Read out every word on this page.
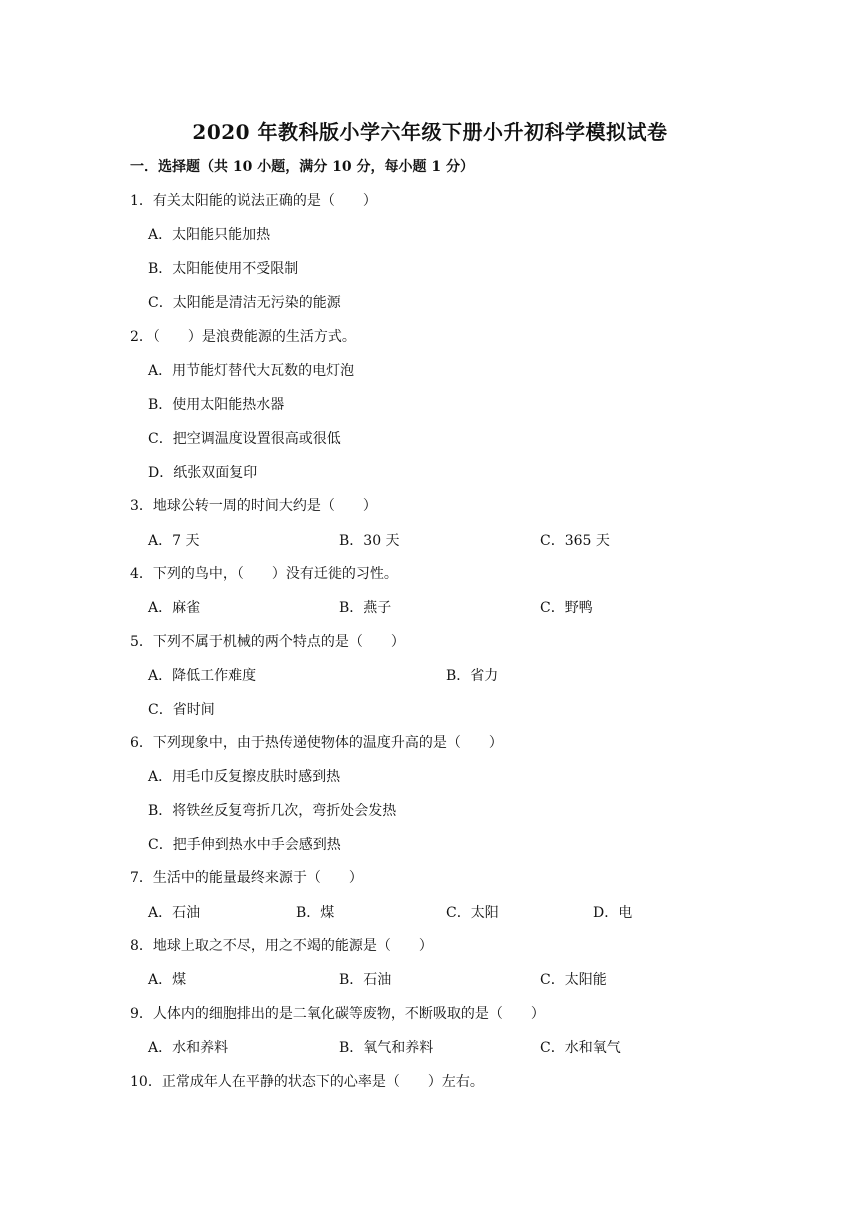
2020 年教科版小学六年级下册小升初科学模拟试卷
一．选择题（共 10 小题，满分 10 分，每小题 1 分）
1．有关太阳能的说法正确的是（　　）
A．太阳能只能加热
B．太阳能使用不受限制
C．太阳能是清洁无污染的能源
2．（　　）是浪费能源的生活方式。
A．用节能灯替代大瓦数的电灯泡
B．使用太阳能热水器
C．把空调温度设置很高或很低
D．纸张双面复印
3．地球公转一周的时间大约是（　　）
A．7 天	B．30 天	C．365 天
4．下列的鸟中，（　　）没有迁徙的习性。
A．麻雀	B．燕子	C．野鸭
5．下列不属于机械的两个特点的是（　　）
A．降低工作难度	B．省力
C．省时间
6．下列现象中，由于热传递使物体的温度升高的是（　　）
A．用毛巾反复擦皮肤时感到热
B．将铁丝反复弯折几次，弯折处会发热
C．把手伸到热水中手会感到热
7．生活中的能量最终来源于（　　）
A．石油	B．煤	C．太阳	D．电
8．地球上取之不尽，用之不竭的能源是（　　）
A．煤	B．石油	C．太阳能
9．人体内的细胞排出的是二氧化碳等废物，不断吸取的是（　　）
A．水和养料	B．氧气和养料	C．水和氧气
10．正常成年人在平静的状态下的心率是（　　）左右。
